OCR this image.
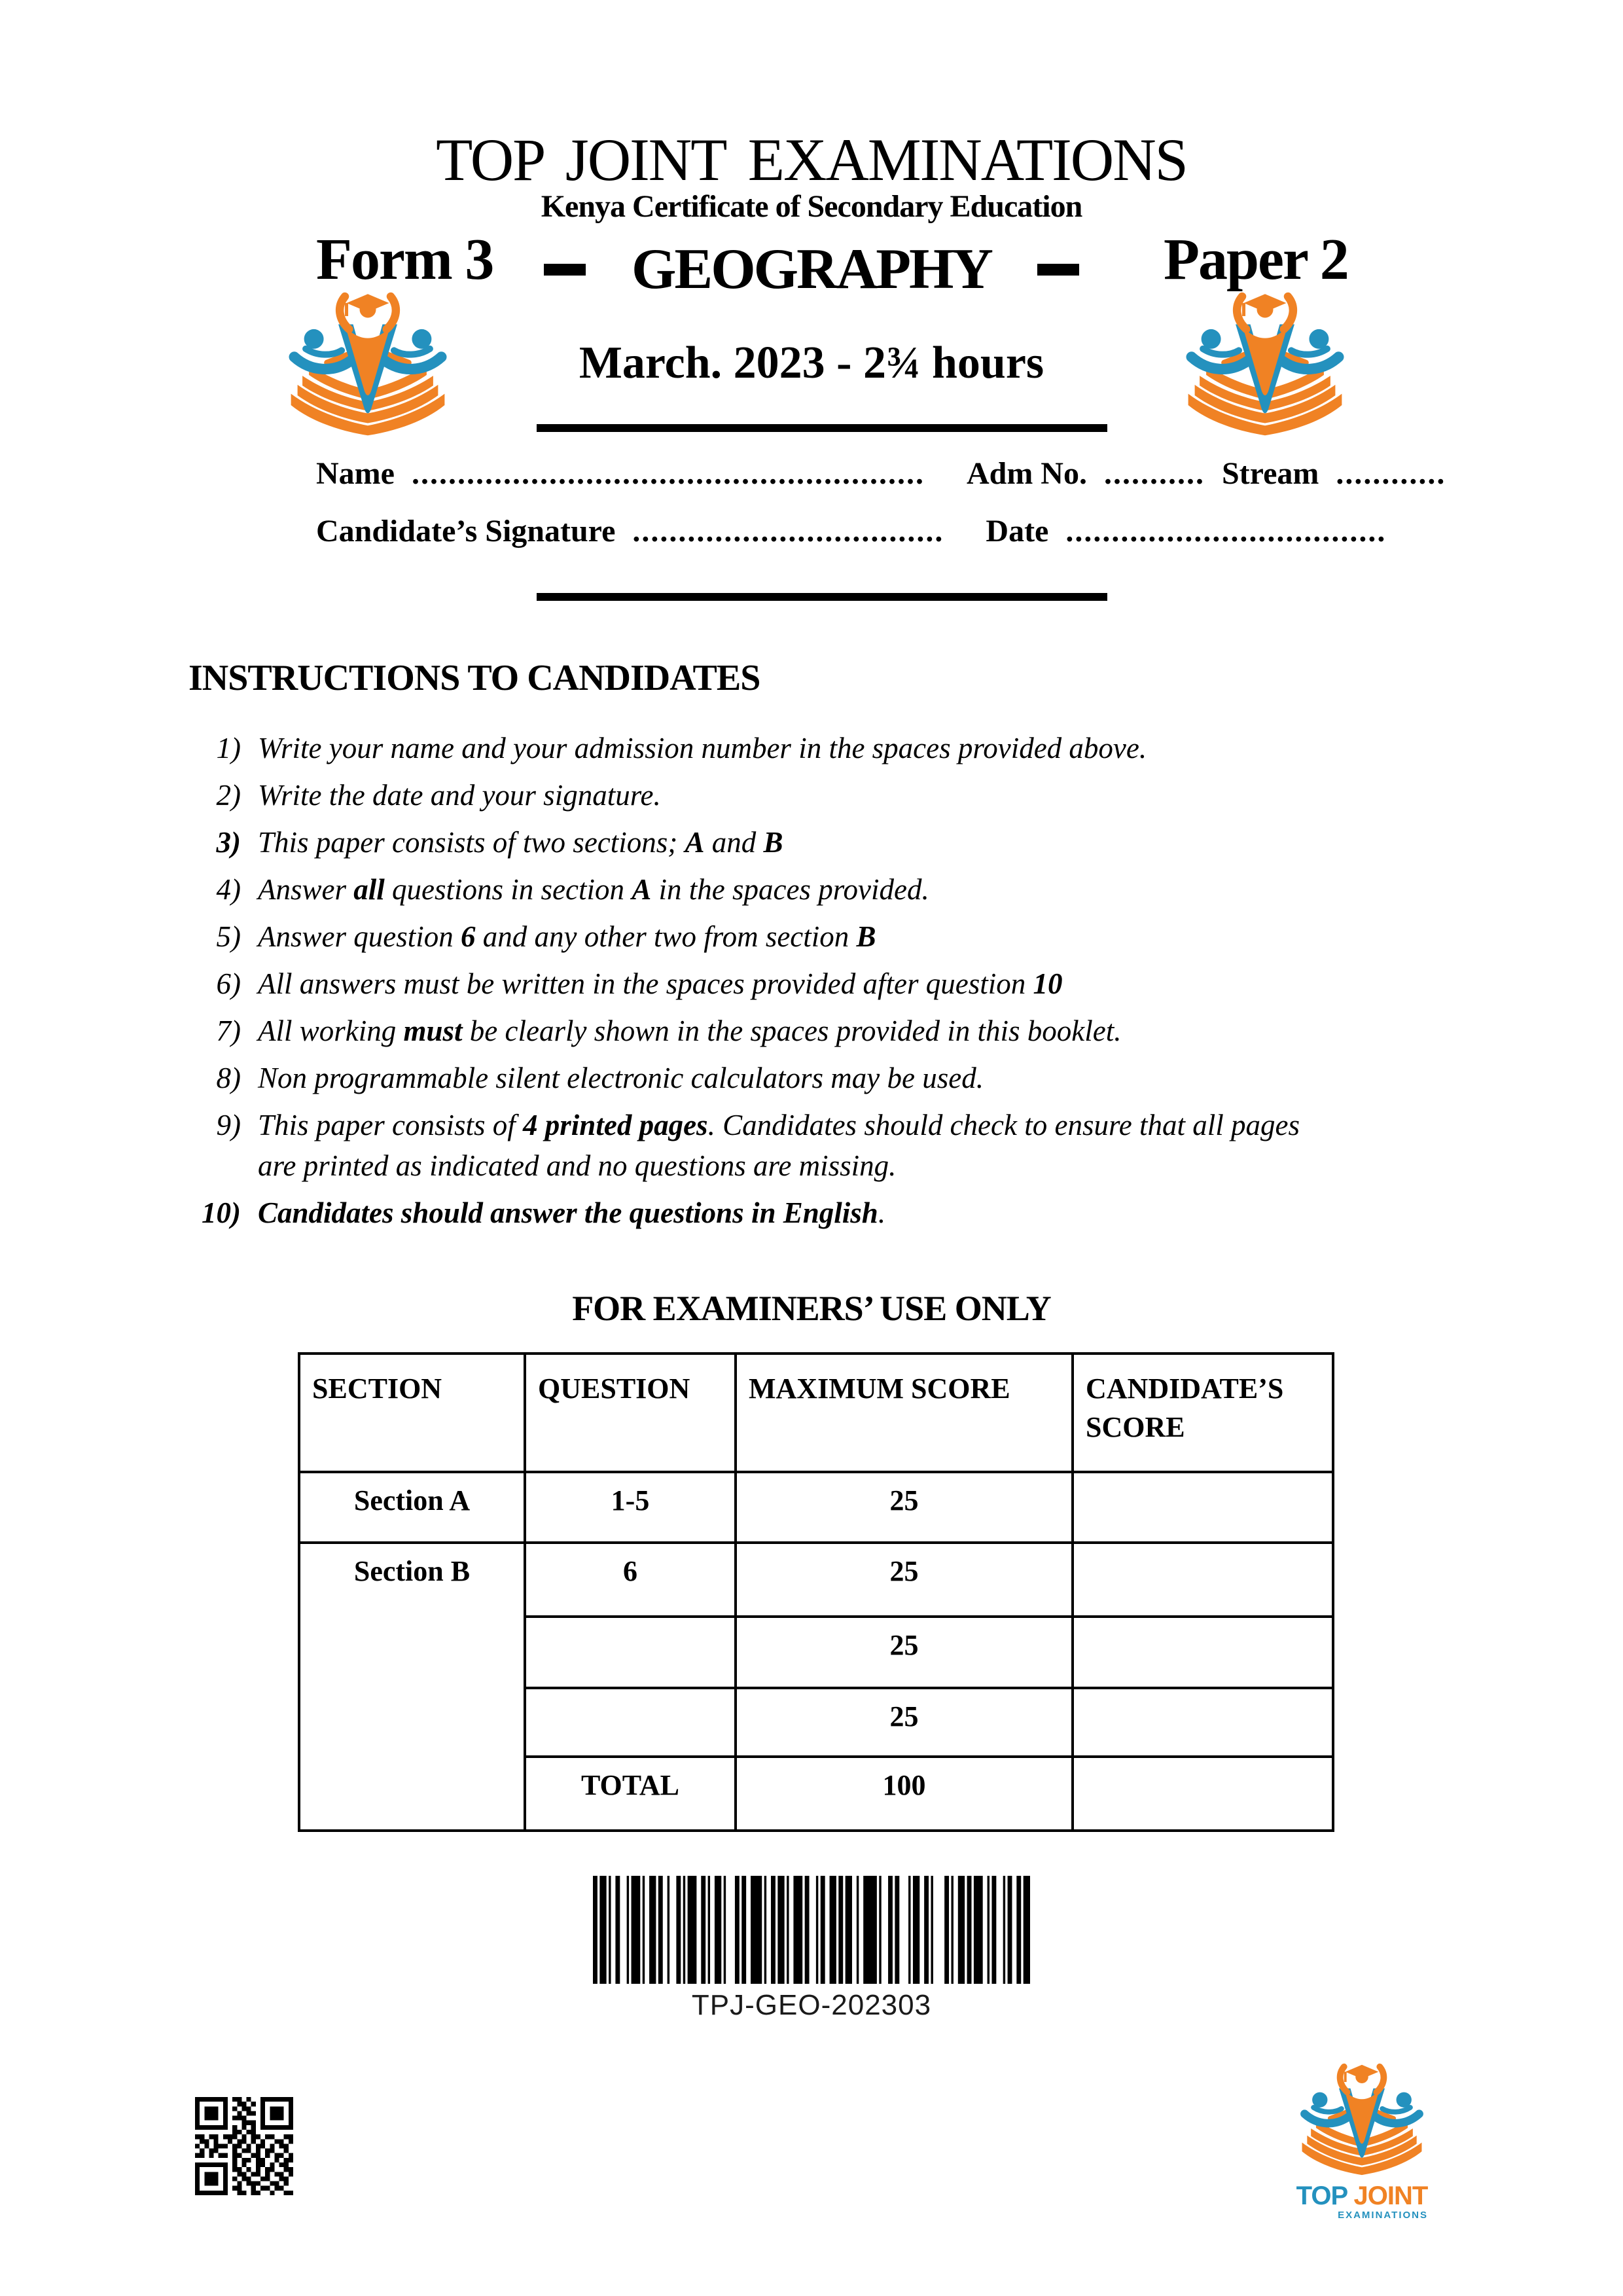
TOP JOINT EXAMINATIONS
Kenya Certificate of Secondary Education
Form 3	Paper 2
GEOGRAPHY
March. 2023 - 2¾ hours
Name ........................................................ Adm No. ........... Stream ............
Candidate’s Signature .................................. Date ...................................
INSTRUCTIONS TO CANDIDATES
1) Write your name and your admission number in the spaces provided above.
2) Write the date and your signature.
3) This paper consists of two sections; A and B
4) Answer all questions in section A in the spaces provided.
5) Answer question 6 and any other two from section B
6) All answers must be written in the spaces provided after question 10
7) All working must be clearly shown in the spaces provided in this booklet.
8) Non programmable silent electronic calculators may be used.
9) This paper consists of 4 printed pages. Candidates should check to ensure that all pages are printed as indicated and no questions are missing.
10) Candidates should answer the questions in English.
FOR EXAMINERS’ USE ONLY
SECTION	QUESTION	MAXIMUM SCORE	CANDIDATE’S SCORE
Section A	1-5	25	
Section B	6	25	
		25	
		25	
	TOTAL	100	
TPJ-GEO-202303
TOP JOINT
EXAMINATIONS
